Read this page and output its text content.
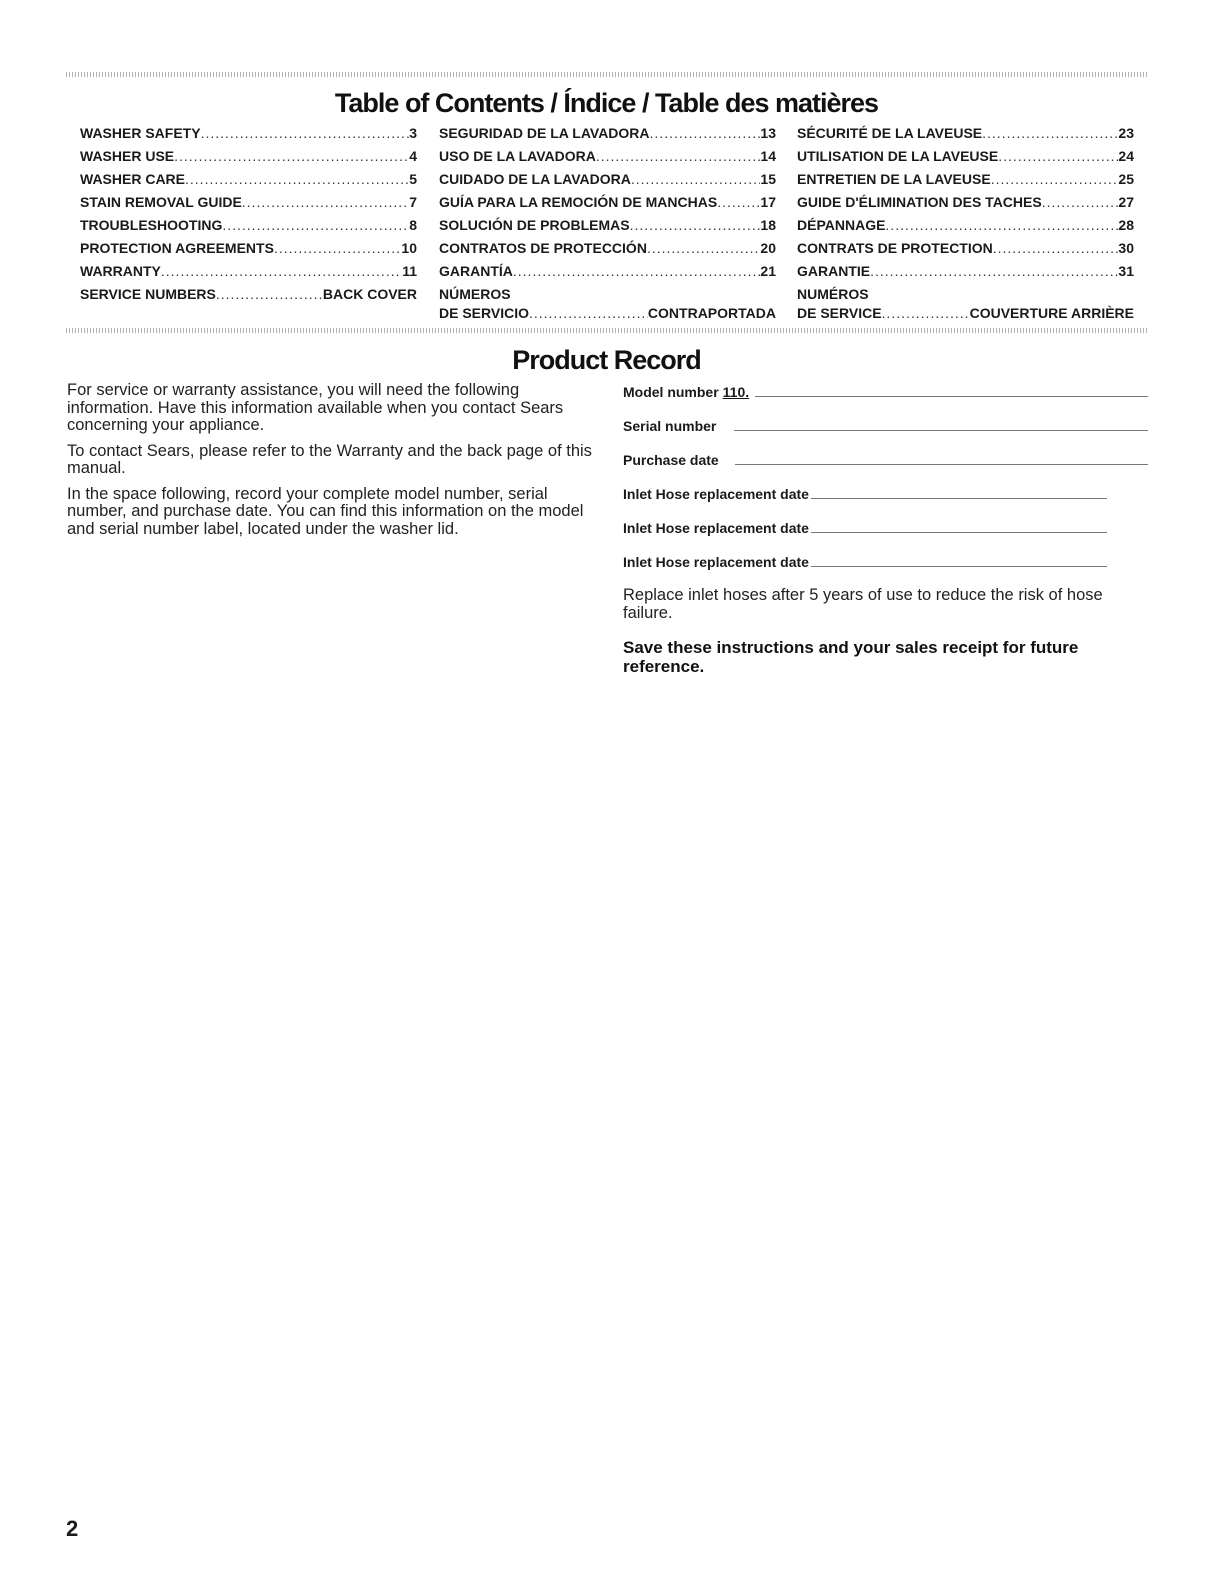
Table of Contents / Índice / Table des matières
WASHER SAFETY .....	3
WASHER USE .....	4
WASHER CARE .....	5
STAIN REMOVAL GUIDE .....	7
TROUBLESHOOTING .....	8
PROTECTION AGREEMENTS .....	10
WARRANTY .....	11
SERVICE NUMBERS .....	BACK COVER
SEGURIDAD DE LA LAVADORA .....	13
USO DE LA LAVADORA .....	14
CUIDADO DE LA LAVADORA .....	15
GUÍA PARA LA REMOCIÓN DE MANCHAS .....	17
SOLUCIÓN DE PROBLEMAS .....	18
CONTRATOS DE PROTECCIÓN .....	20
GARANTÍA .....	21
NÚMEROS
DE SERVICIO .....	CONTRAPORTADA
SÉCURITÉ DE LA LAVEUSE .....	23
UTILISATION DE LA LAVEUSE .....	24
ENTRETIEN DE LA LAVEUSE .....	25
GUIDE D'ÉLIMINATION DES TACHES .....	27
DÉPANNAGE .....	28
CONTRATS DE PROTECTION .....	30
GARANTIE .....	31
NUMÉROS
DE SERVICE .....	COUVERTURE ARRIÈRE
Product Record

For service or warranty assistance, you will need the following information. Have this information available when you contact Sears concerning your appliance.

To contact Sears, please refer to the Warranty and the back page of this manual.

In the space following, record your complete model number, serial number, and purchase date. You can find this information on the model and serial number label, located under the washer lid.

Model number 110.
Serial number
Purchase date
Inlet Hose replacement date
Inlet Hose replacement date
Inlet Hose replacement date
Replace inlet hoses after 5 years of use to reduce the risk of hose failure.
Save these instructions and your sales receipt for future reference.
2
